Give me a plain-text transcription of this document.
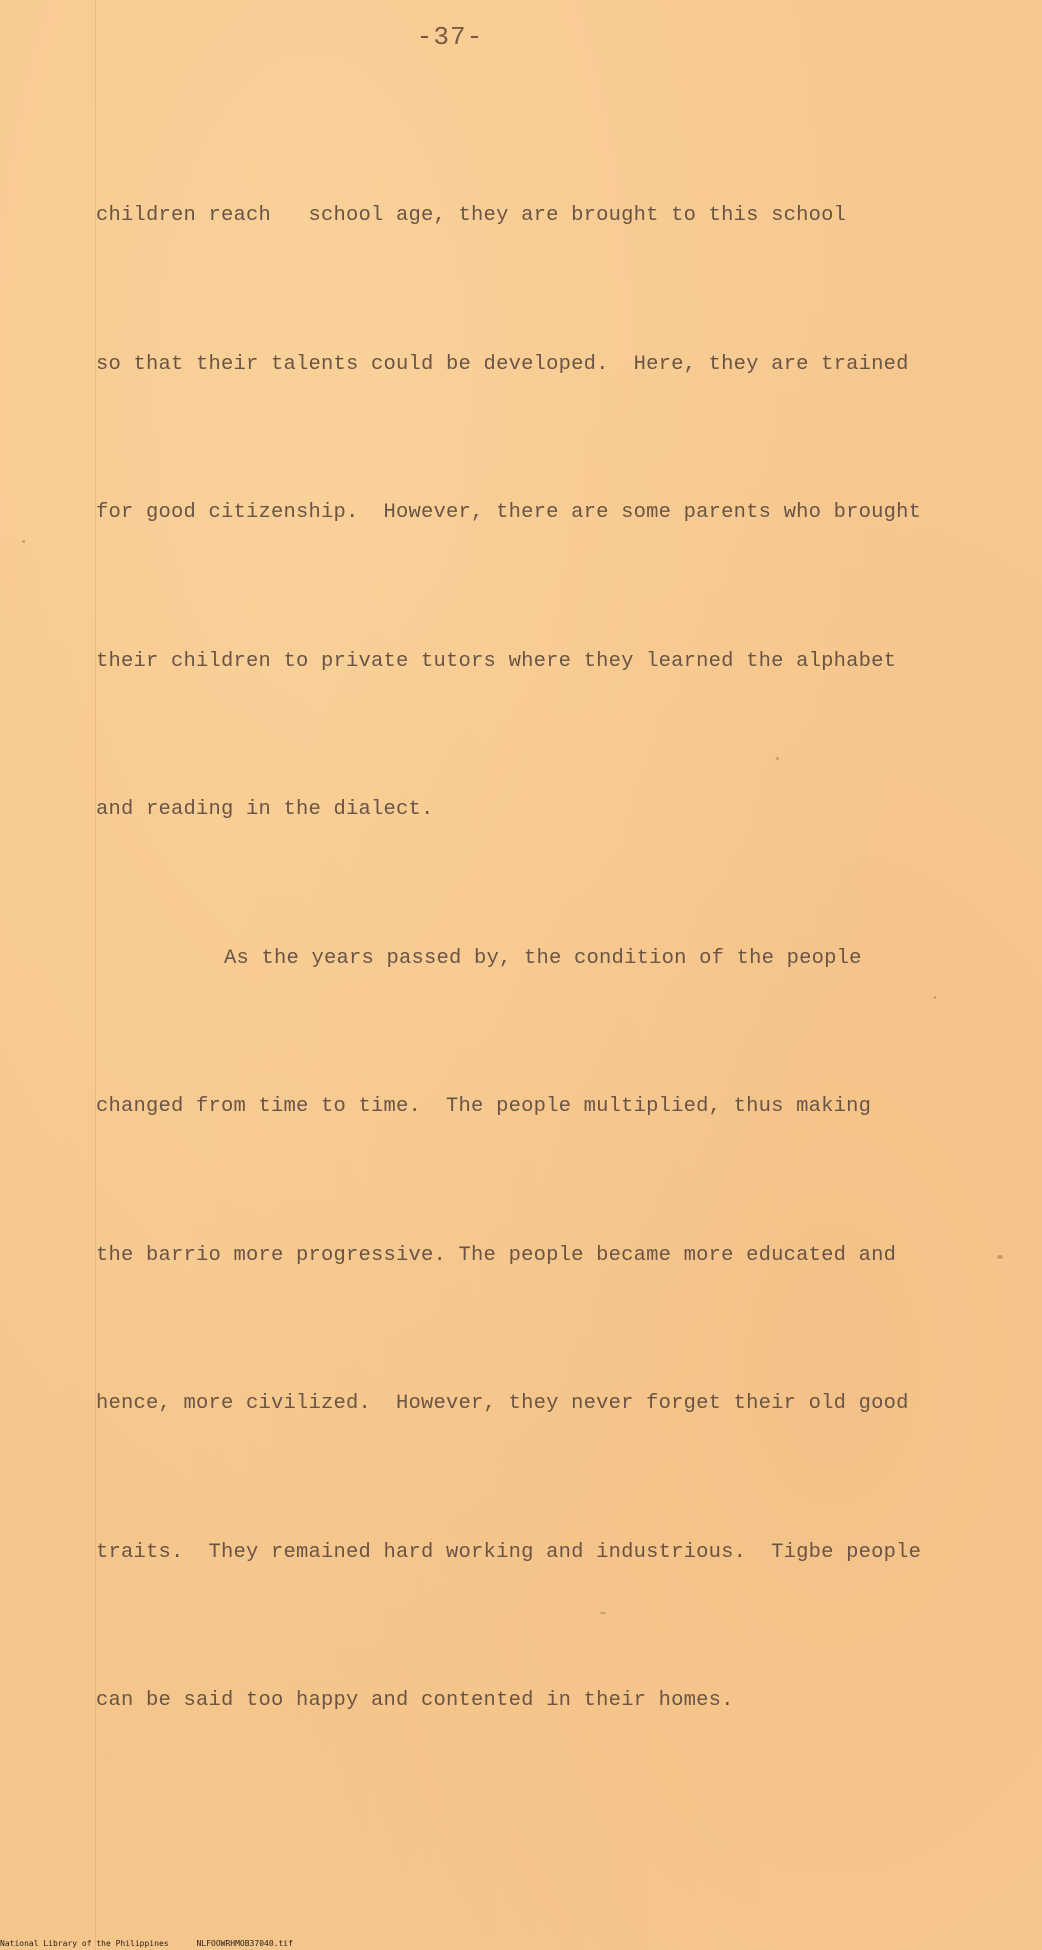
-37-

children reach   school age, they are brought to this school

so that their talents could be developed.  Here, they are trained

for good citizenship.  However, there are some parents who brought

their children to private tutors where they learned the alphabet

and reading in the dialect.

As the years passed by, the condition of the people

changed from time to time.  The people multiplied, thus making

the barrio more progressive. The people became more educated and

hence, more civilized.  However, they never forget their old good

traits.  They remained hard working and industrious.  Tigbe people

can be said too happy and contented in their homes.

National Library of the Philippines	NLFOOWRHMOB37040.tif
